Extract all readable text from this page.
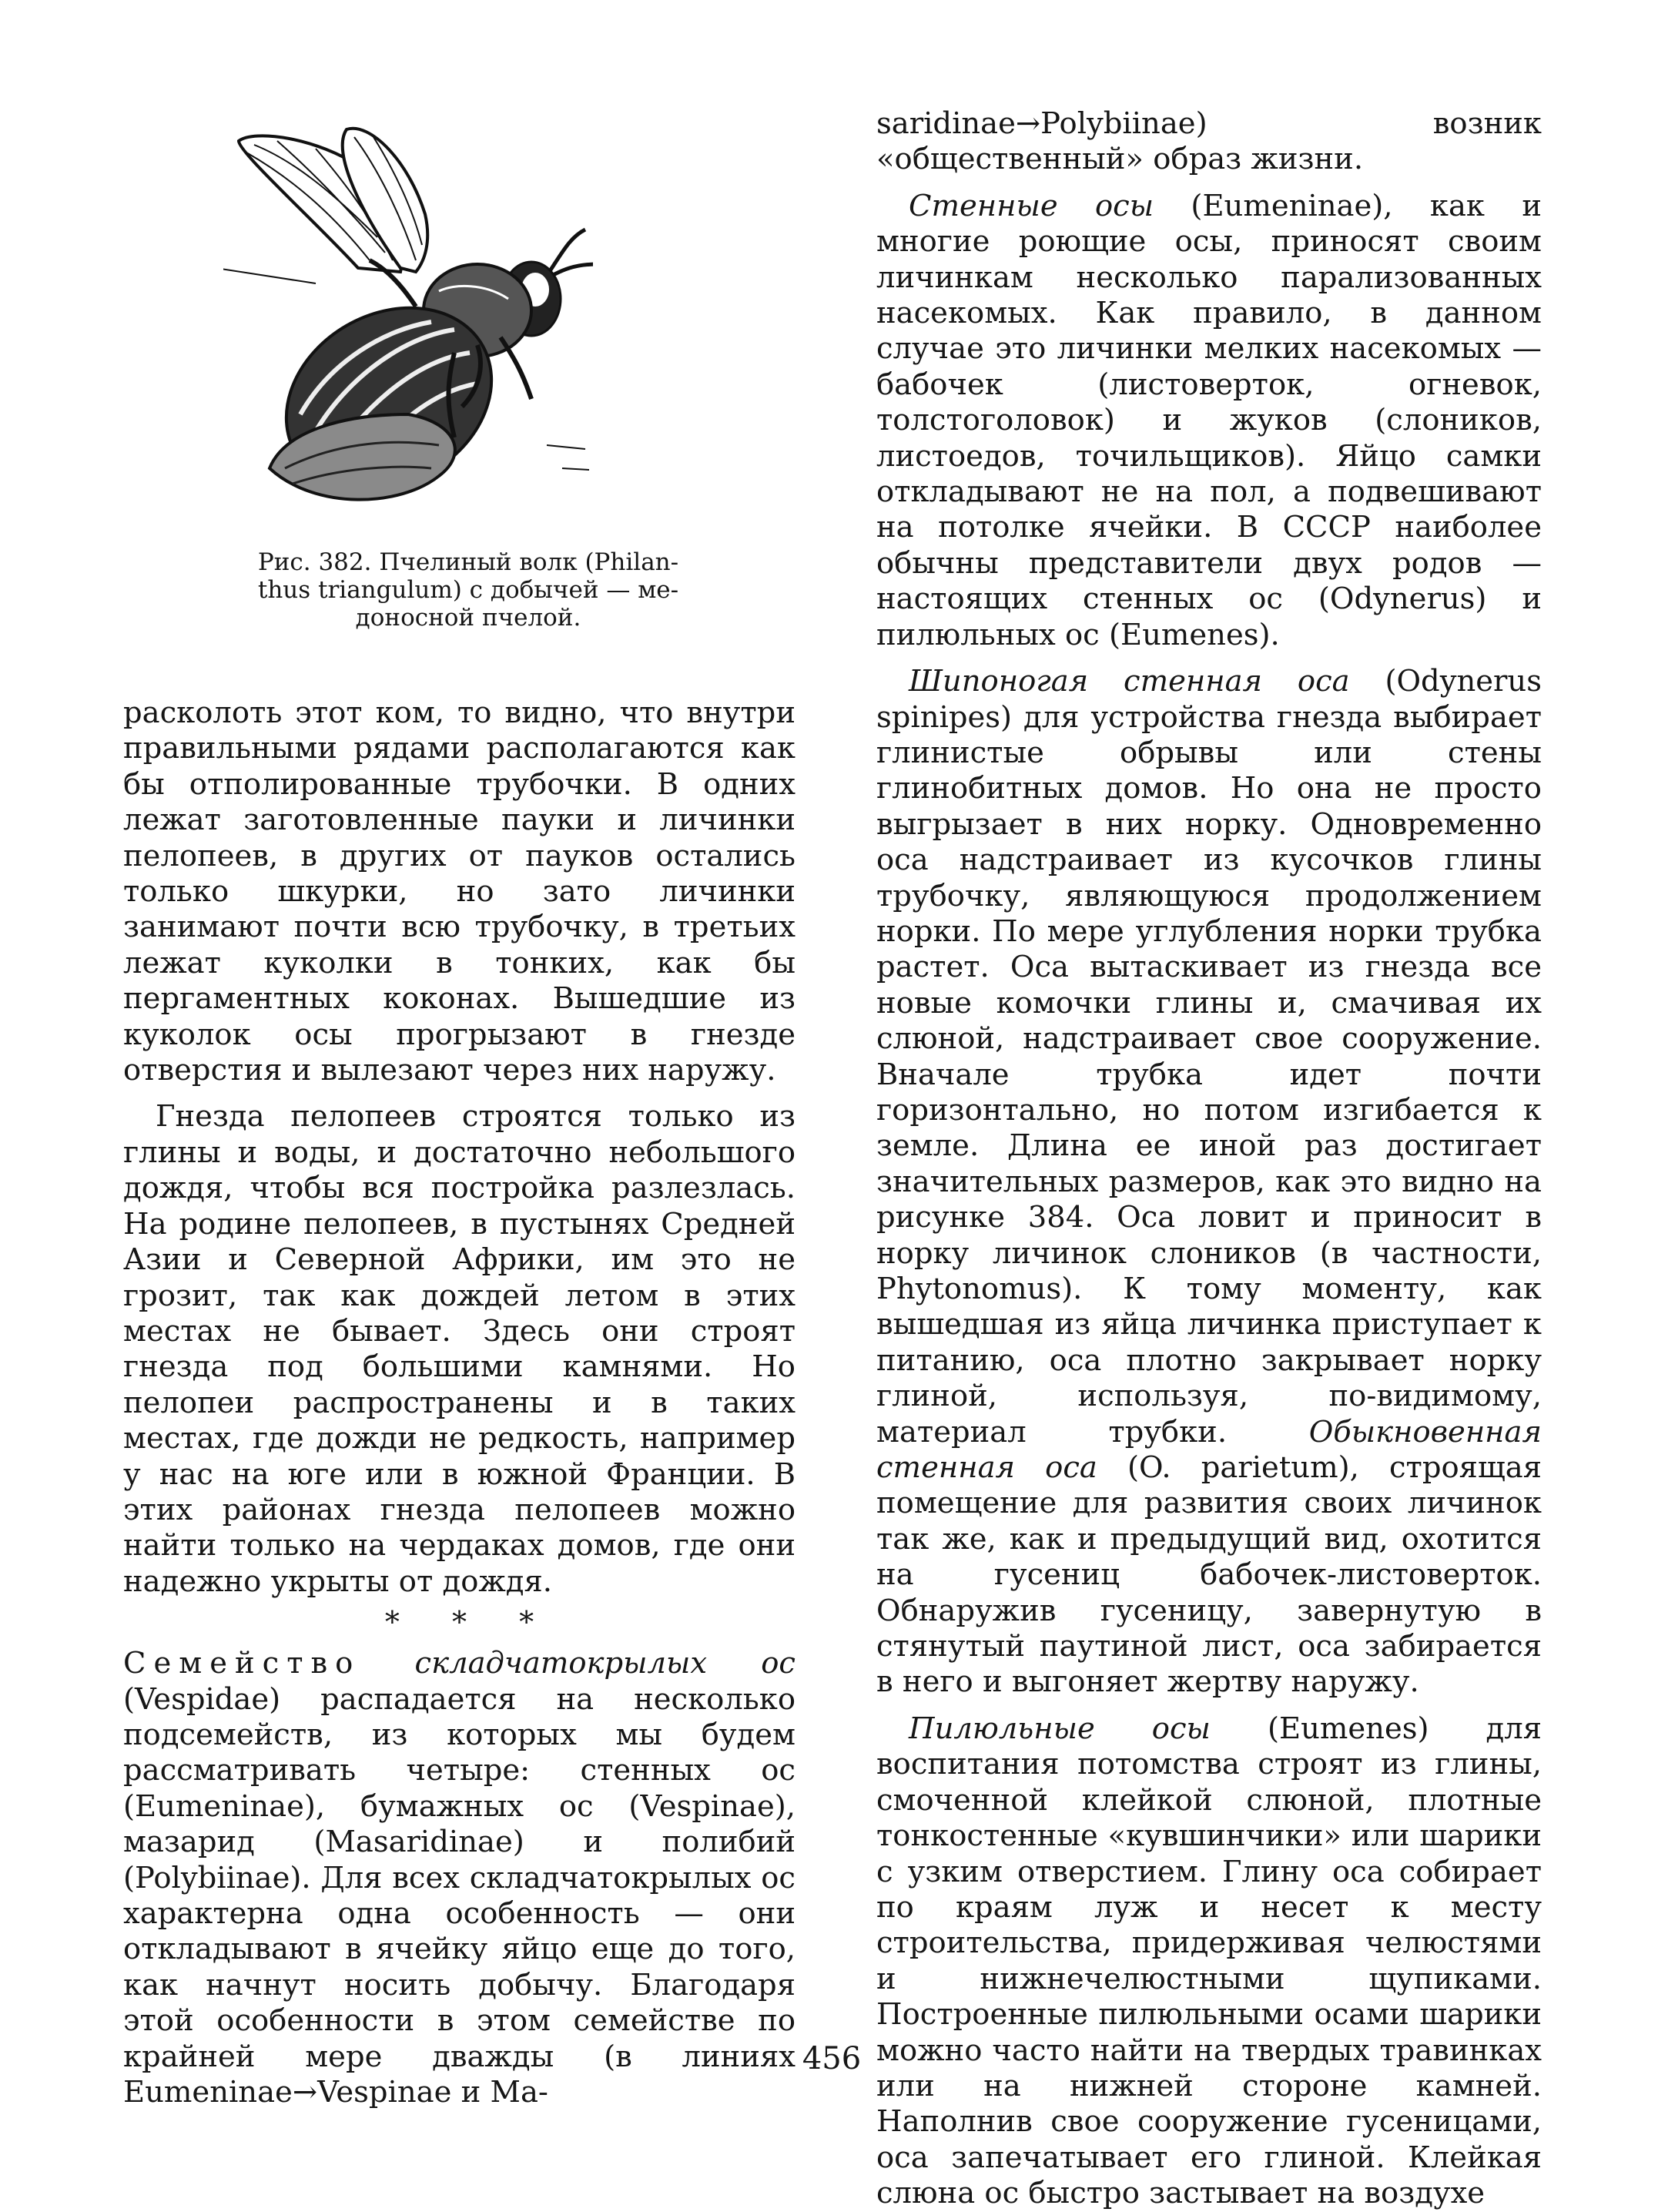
Рис. 382. Пчелиный волк (Philan-
thus triangulum) с добычей — ме-
доносной пчелой.

расколоть этот ком, то видно, что внутри правильными рядами располагаются как бы отполированные трубочки. В одних лежат заготовленные пауки и личинки пелопеев, в других от пауков остались только шкурки, но зато личинки занимают почти всю трубочку, в третьих лежат куколки в тонких, как бы пергаментных коконах. Вышедшие из куколок осы прогрызают в гнезде отверстия и вылезают через них наружу.

Гнезда пелопеев строятся только из глины и воды, и достаточно небольшого дождя, чтобы вся постройка разлезлась. На родине пелопеев, в пустынях Средней Азии и Северной Африки, им это не грозит, так как дождей летом в этих местах не бывает. Здесь они строят гнезда под большими камнями. Но пелопеи распространены и в таких местах, где дожди не редкость, например у нас на юге или в южной Франции. В этих районах гнезда пелопеев можно найти только на чердаках домов, где они надежно укрыты от дождя.

* * *

Семейство складчатокрылых ос (Vespidae) распадается на несколько подсемейств, из которых мы будем рассматривать четыре: стенных ос (Eumeninae), бумажных ос (Vespinae), мазарид (Masaridinae) и полибий (Polybiinae). Для всех складчатокрылых ос характерна одна особенность — они откладывают в ячейку яйцо еще до того, как начнут носить добычу. Благодаря этой особенности в этом семействе по крайней мере дважды (в линиях Eumeninae→Vespinae и Ma-

saridinae→Polybiinae) возник «общественный» образ жизни.

Стенные осы (Eumeninae), как и многие роющие осы, приносят своим личинкам несколько парализованных насекомых. Как правило, в данном случае это личинки мелких насекомых — бабочек (листоверток, огневок, толстоголовок) и жуков (слоников, листоедов, точильщиков). Яйцо самки откладывают не на пол, а подвешивают на потолке ячейки. В СССР наиболее обычны представители двух родов — настоящих стенных ос (Odynerus) и пилюльных ос (Eumenes).

Шипоногая стенная оса (Odynerus spinipes) для устройства гнезда выбирает глинистые обрывы или стены глинобитных домов. Но она не просто выгрызает в них норку. Одновременно оса надстраивает из кусочков глины трубочку, являющуюся продолжением норки. По мере углубления норки трубка растет. Оса вытаскивает из гнезда все новые комочки глины и, смачивая их слюной, надстраивает свое сооружение. Вначале трубка идет почти горизонтально, но потом изгибается к земле. Длина ее иной раз достигает значительных размеров, как это видно на рисунке 384. Оса ловит и приносит в норку личинок слоников (в частности, Phytonomus). К тому моменту, как вышедшая из яйца личинка приступает к питанию, оса плотно закрывает норку глиной, используя, по-видимому, материал трубки. Обыкновенная стенная оса (O. parietum), строящая помещение для развития своих личинок так же, как и предыдущий вид, охотится на гусениц бабочек-листоверток. Обнаружив гусеницу, завернутую в стянутый паутиной лист, оса забирается в него и выгоняет жертву наружу.

Пилюльные осы (Eumenes) для воспитания потомства строят из глины, смоченной клейкой слюной, плотные тонкостенные «кувшинчики» или шарики с узким отверстием. Глину оса собирает по краям луж и несет к месту строительства, придерживая челюстями и нижнечелюстными щупиками. Построенные пилюльными осами шарики можно часто найти на твердых травинках или на нижней стороне камней. Наполнив свое сооружение гусеницами, оса запечатывает его глиной. Клейкая слюна ос быстро застывает на воздухе

456
